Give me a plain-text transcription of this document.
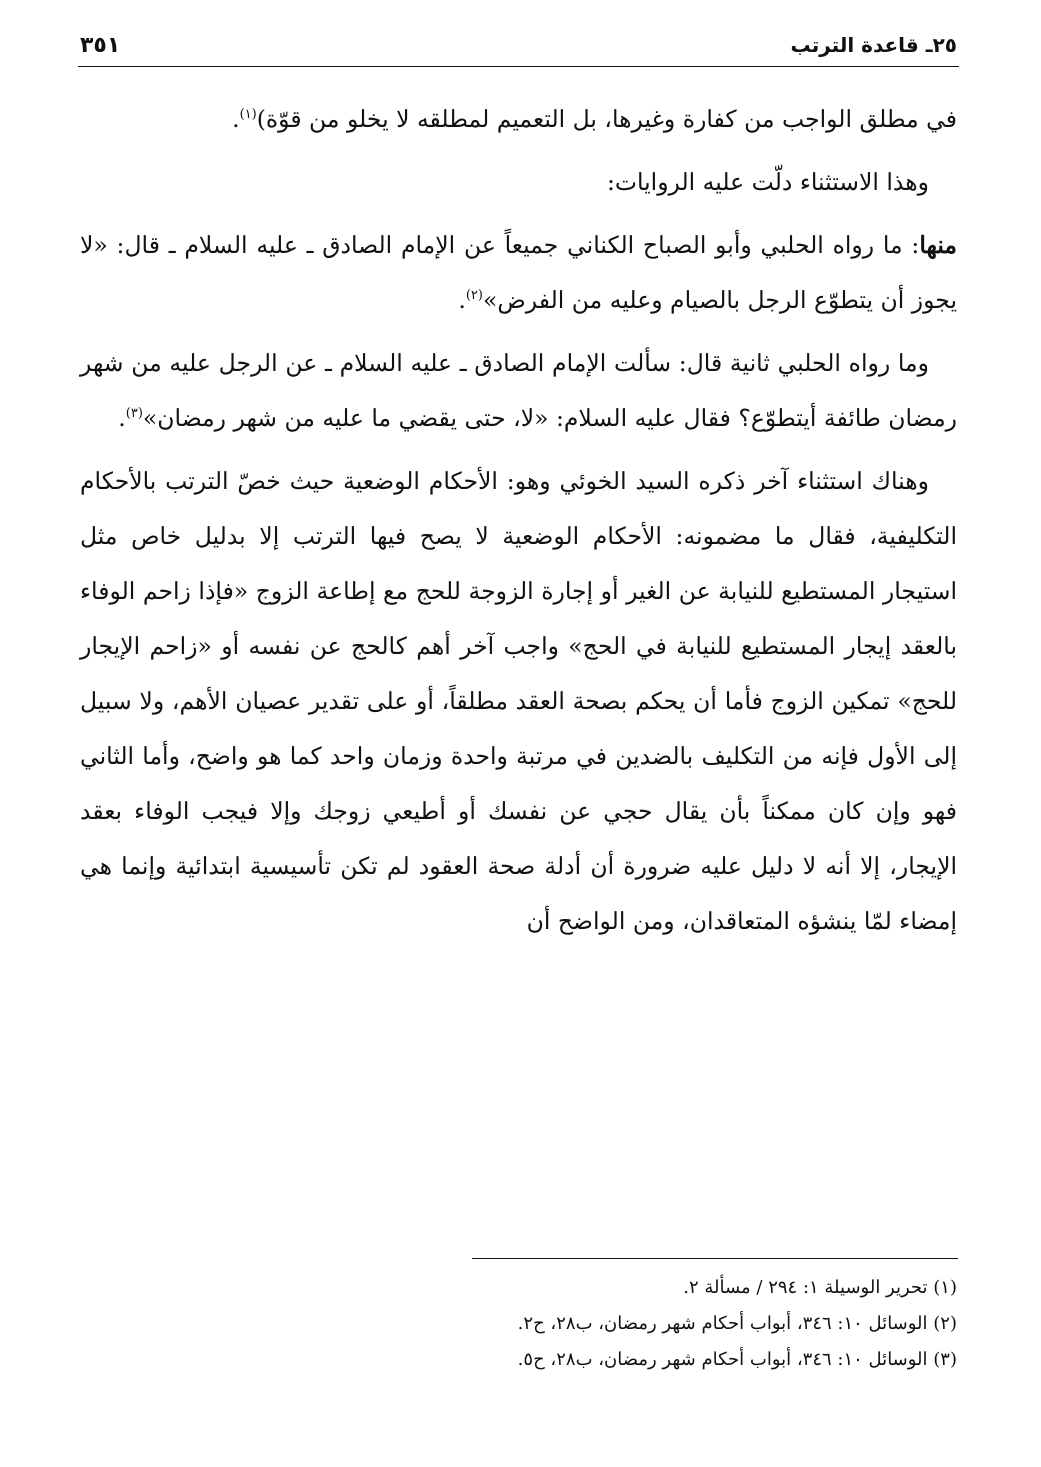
٣٥١	٢٥ـ قاعدة الترتب

في مطلق الواجب من كفارة وغيرها، بل التعميم لمطلقه لا يخلو من قوّة)$^{(١)}$.

وهذا الاستثناء دلّت عليه الروايات:

منها: ما رواه الحلبي وأبو الصباح الكناني جميعاً عن الإمام الصادق ـ عليه السلام ـ قال: «لا يجوز أن يتطوّع الرجل بالصيام وعليه من الفرض»$^{(٢)}$.

وما رواه الحلبي ثانية قال: سألت الإمام الصادق ـ عليه السلام ـ عن الرجل عليه من شهر رمضان طائفة أيتطوّع؟ فقال عليه السلام: «لا، حتى يقضي ما عليه من شهر رمضان»$^{(٣)}$.

وهناك استثناء آخر ذكره السيد الخوئي وهو: الأحكام الوضعية حيث خصّ الترتب بالأحكام التكليفية، فقال ما مضمونه: الأحكام الوضعية لا يصح فيها الترتب إلا بدليل خاص مثل استيجار المستطيع للنيابة عن الغير أو إجارة الزوجة للحج مع إطاعة الزوج «فإذا زاحم الوفاء بالعقد إيجار المستطيع للنيابة في الحج» واجب آخر أهم كالحج عن نفسه أو «زاحم الإيجار للحج» تمكين الزوج فأما أن يحكم بصحة العقد مطلقاً، أو على تقدير عصيان الأهم، ولا سبيل إلى الأول فإنه من التكليف بالضدين في مرتبة واحدة وزمان واحد كما هو واضح، وأما الثاني فهو وإن كان ممكناً بأن يقال حجي عن نفسك أو أطيعي زوجك وإلا فيجب الوفاء بعقد الإيجار، إلا أنه لا دليل عليه ضرورة أن أدلة صحة العقود لم تكن تأسيسية ابتدائية وإنما هي إمضاء لمّا ينشؤه المتعاقدان، ومن الواضح أن

(١) تحرير الوسيلة ١: ٢٩٤ / مسألة ٢.

(٢) الوسائل ١٠: ٣٤٦، أبواب أحكام شهر رمضان، ب٢٨، ح٢.

(٣) الوسائل ١٠: ٣٤٦، أبواب أحكام شهر رمضان، ب٢٨، ح٥.
